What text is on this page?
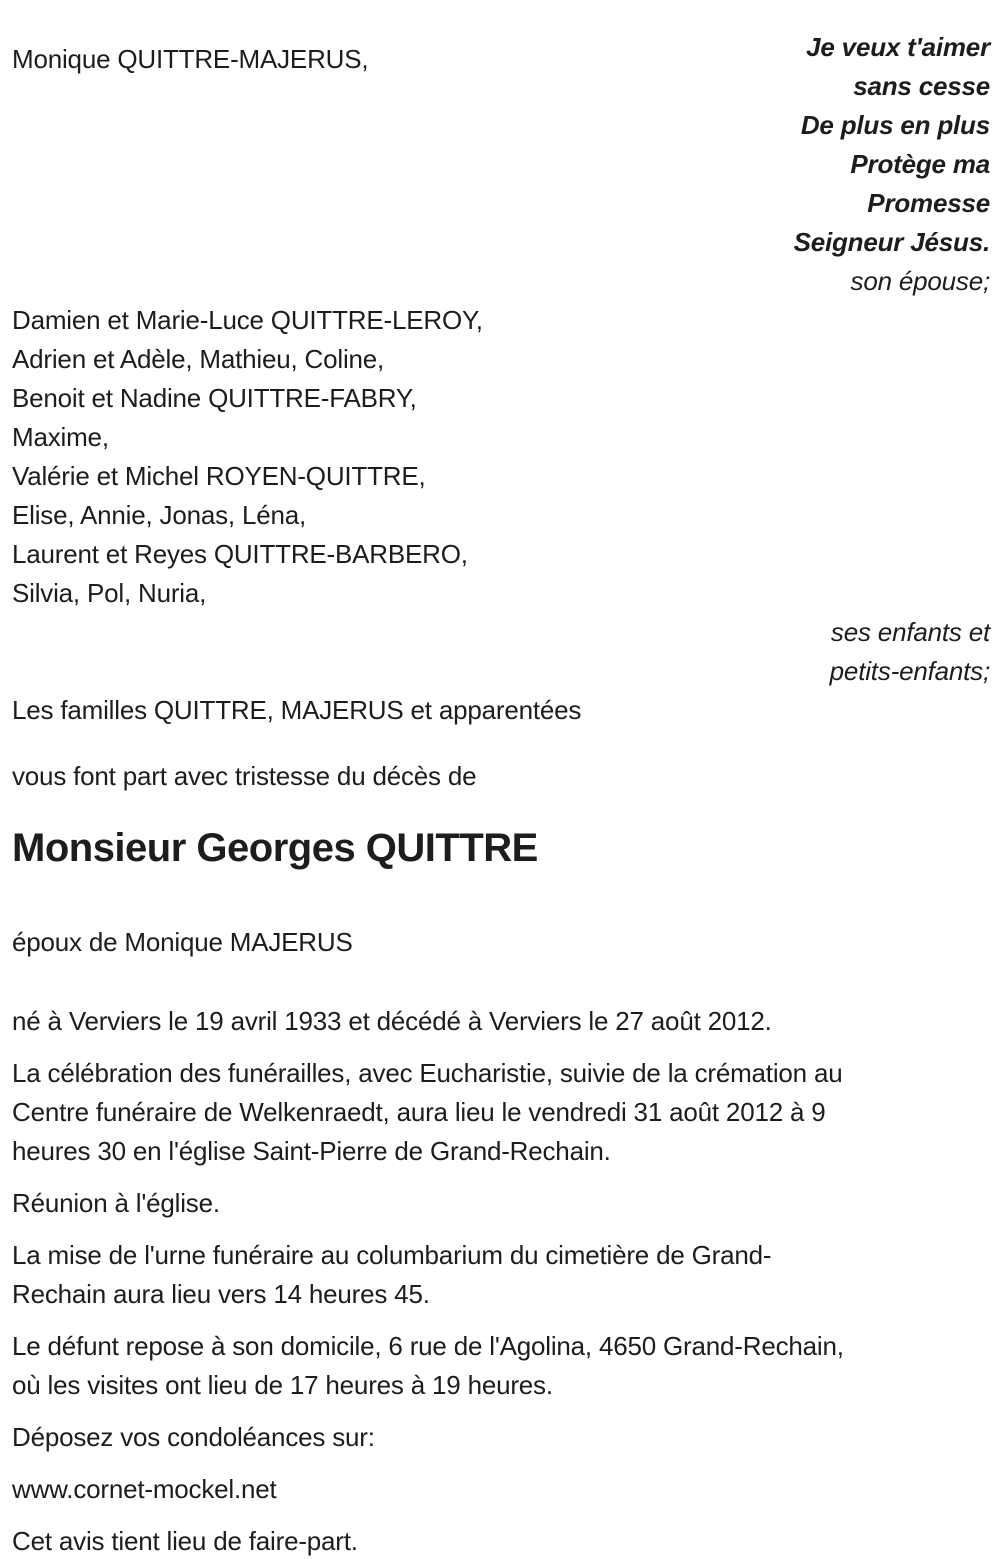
Monique QUITTRE-MAJERUS,	Je veux t'aimer
sans cesse
De plus en plus
Protège ma
Promesse
Seigneur Jésus.
son épouse;
Damien et Marie-Luce QUITTRE-LEROY,
Adrien et Adèle, Mathieu, Coline,
Benoit et Nadine QUITTRE-FABRY,
Maxime,
Valérie et Michel ROYEN-QUITTRE,
Elise, Annie, Jonas, Léna,
Laurent et Reyes QUITTRE-BARBERO,
Silvia, Pol, Nuria,
ses enfants et
petits-enfants;
Les familles QUITTRE, MAJERUS et apparentées
vous font part avec tristesse du décès de
Monsieur Georges QUITTRE
époux de Monique MAJERUS
né à Verviers le 19 avril 1933 et décédé à Verviers le 27 août 2012.
La célébration des funérailles, avec Eucharistie, suivie de la crémation au
Centre funéraire de Welkenraedt, aura lieu le vendredi 31 août 2012 à 9
heures 30 en l'église Saint-Pierre de Grand-Rechain.
Réunion à l'église.
La mise de l'urne funéraire au columbarium du cimetière de Grand-
Rechain aura lieu vers 14 heures 45.
Le défunt repose à son domicile, 6 rue de l'Agolina, 4650 Grand-Rechain,
où les visites ont lieu de 17 heures à 19 heures.
Déposez vos condoléances sur:
www.cornet-mockel.net
Cet avis tient lieu de faire-part.
